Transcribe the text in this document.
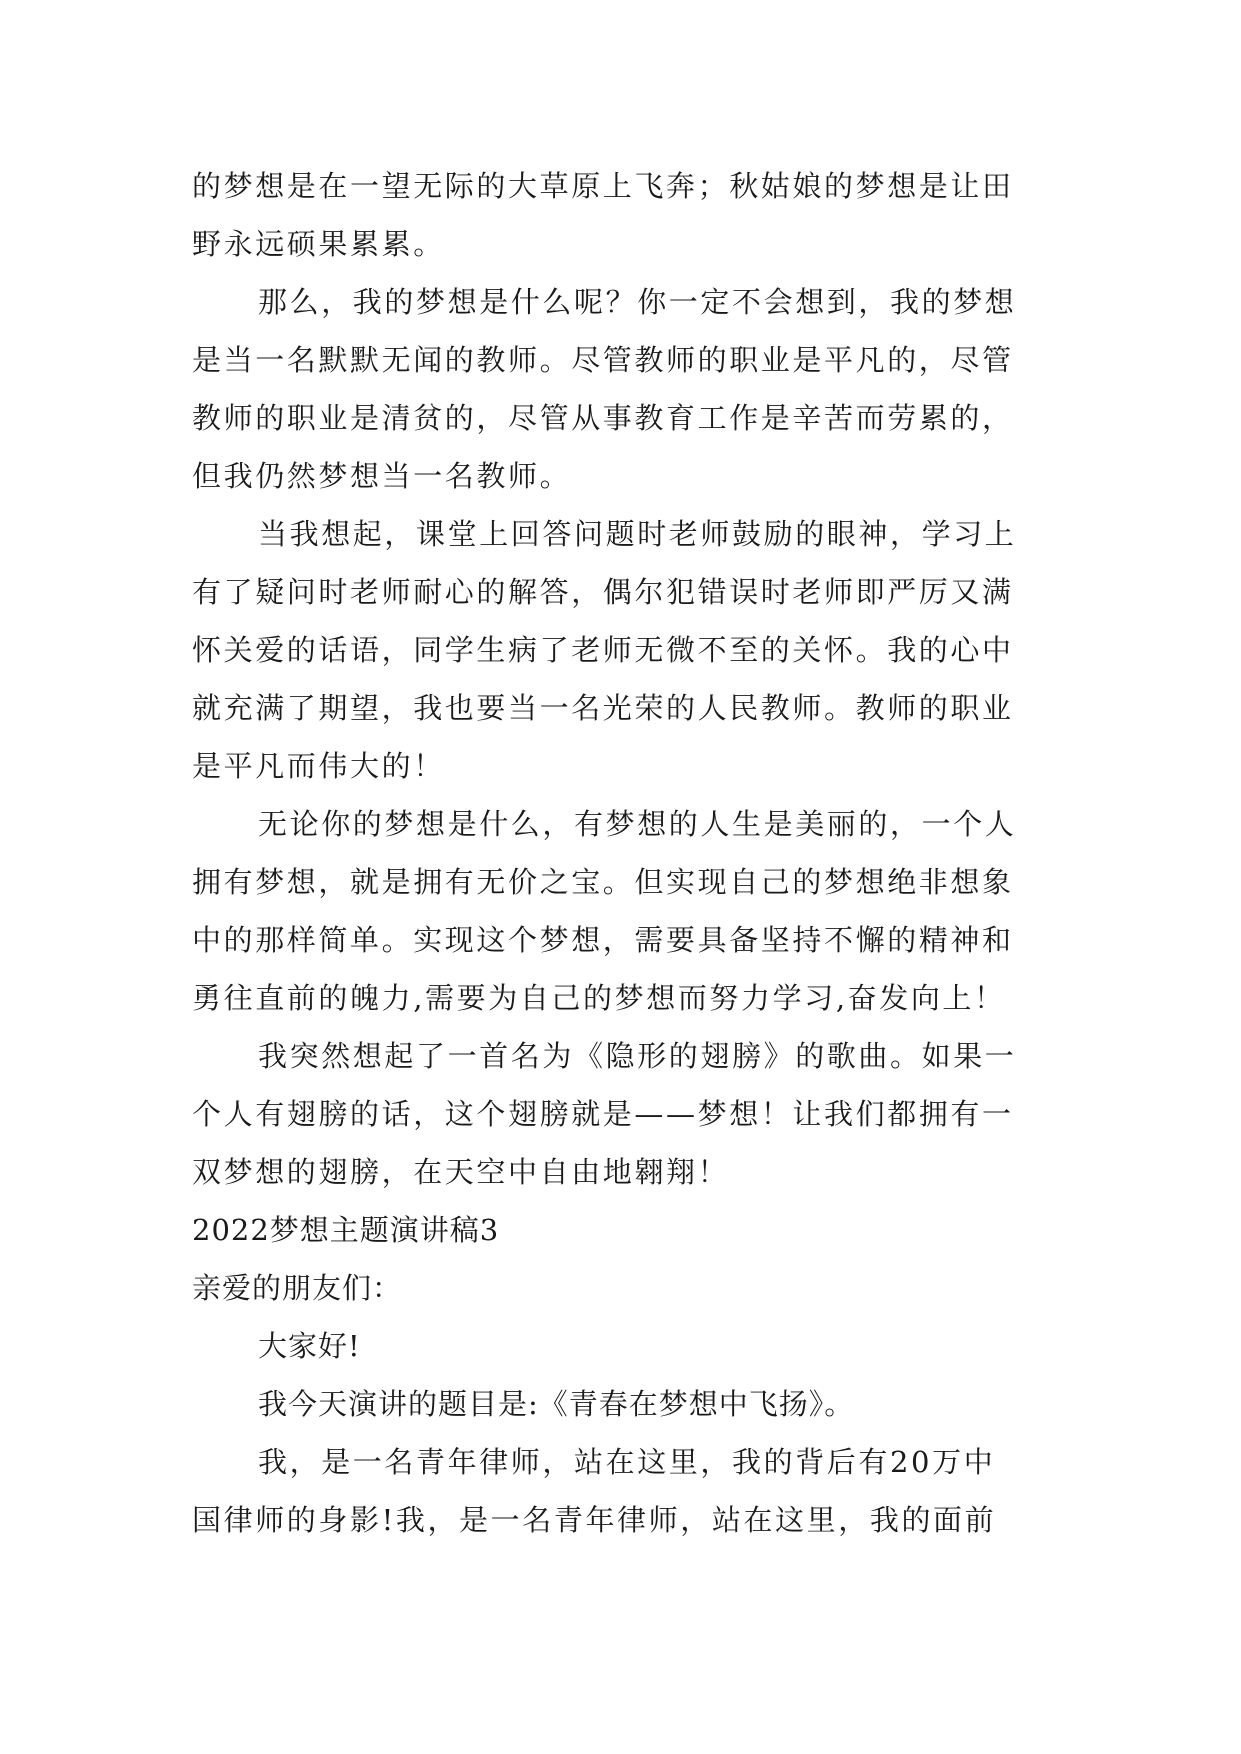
的梦想是在一望无际的大草原上飞奔；秋姑娘的梦想是让田
野永远硕果累累。
那么，我的梦想是什么呢？你一定不会想到，我的梦想
是当一名默默无闻的教师。尽管教师的职业是平凡的，尽管
教师的职业是清贫的，尽管从事教育工作是辛苦而劳累的，
但我仍然梦想当一名教师。
当我想起，课堂上回答问题时老师鼓励的眼神，学习上
有了疑问时老师耐心的解答，偶尔犯错误时老师即严厉又满
怀关爱的话语，同学生病了老师无微不至的关怀。我的心中
就充满了期望，我也要当一名光荣的人民教师。教师的职业
是平凡而伟大的！
无论你的梦想是什么，有梦想的人生是美丽的，一个人
拥有梦想，就是拥有无价之宝。但实现自己的梦想绝非想象
中的那样简单。实现这个梦想，需要具备坚持不懈的精神和
勇往直前的魄力,需要为自己的梦想而努力学习,奋发向上！
我突然想起了一首名为《隐形的翅膀》的歌曲。如果一
个人有翅膀的话，这个翅膀就是——梦想！让我们都拥有一
双梦想的翅膀，在天空中自由地翱翔！
2022梦想主题演讲稿3
亲爱的朋友们：
大家好!
我今天演讲的题目是:《青春在梦想中飞扬》。
我，是一名青年律师，站在这里，我的背后有20万中
国律师的身影!我，是一名青年律师，站在这里，我的面前
